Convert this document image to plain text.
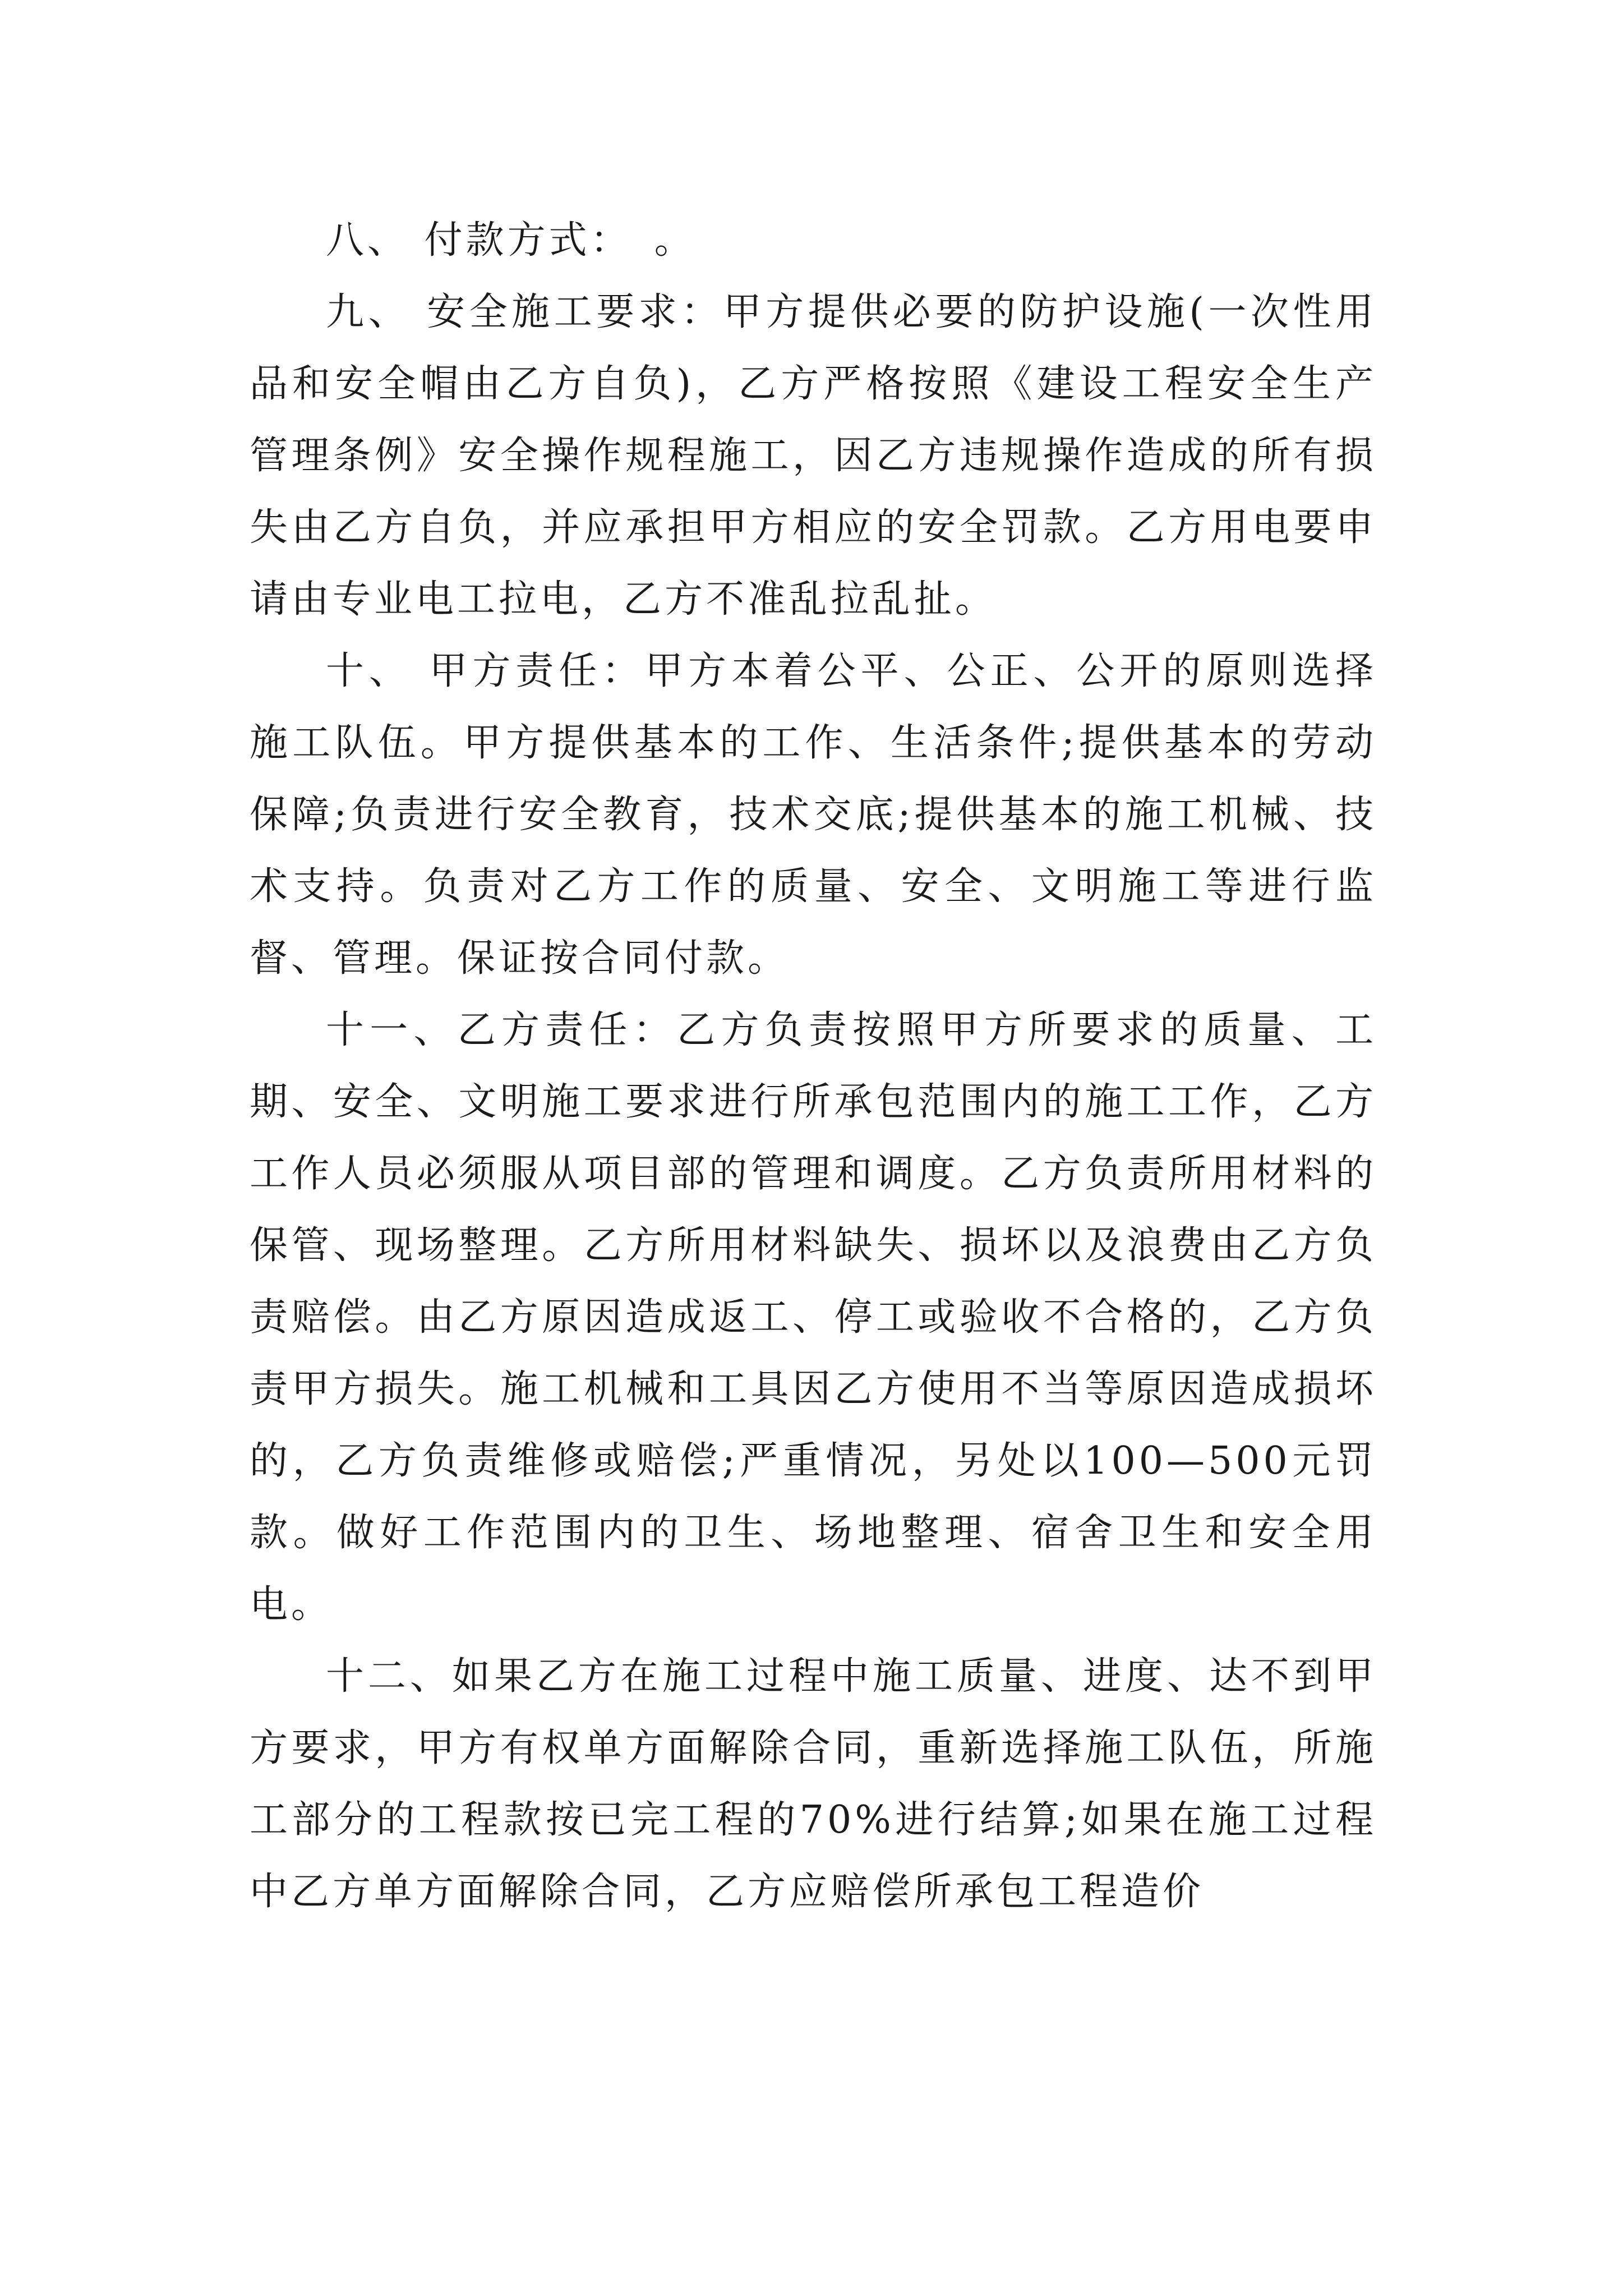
八、 付款方式：　。

九、 安全施工要求：甲方提供必要的防护设施(一次性用品和安全帽由乙方自负)，乙方严格按照《建设工程安全生产管理条例》安全操作规程施工，因乙方违规操作造成的所有损失由乙方自负，并应承担甲方相应的安全罚款。乙方用电要申请由专业电工拉电，乙方不准乱拉乱扯。

十、 甲方责任：甲方本着公平、公正、公开的原则选择施工队伍。甲方提供基本的工作、生活条件;提供基本的劳动保障;负责进行安全教育，技术交底;提供基本的施工机械、技术支持。负责对乙方工作的质量、安全、文明施工等进行监督、管理。保证按合同付款。

十一、乙方责任：乙方负责按照甲方所要求的质量、工期、安全、文明施工要求进行所承包范围内的施工工作，乙方工作人员必须服从项目部的管理和调度。乙方负责所用材料的保管、现场整理。乙方所用材料缺失、损坏以及浪费由乙方负责赔偿。由乙方原因造成返工、停工或验收不合格的，乙方负责甲方损失。施工机械和工具因乙方使用不当等原因造成损坏的，乙方负责维修或赔偿;严重情况，另处以100—500元罚款。做好工作范围内的卫生、场地整理、宿舍卫生和安全用电。

十二、如果乙方在施工过程中施工质量、进度、达不到甲方要求，甲方有权单方面解除合同，重新选择施工队伍，所施工部分的工程款按已完工程的70%进行结算;如果在施工过程中乙方单方面解除合同，乙方应赔偿所承包工程造价
